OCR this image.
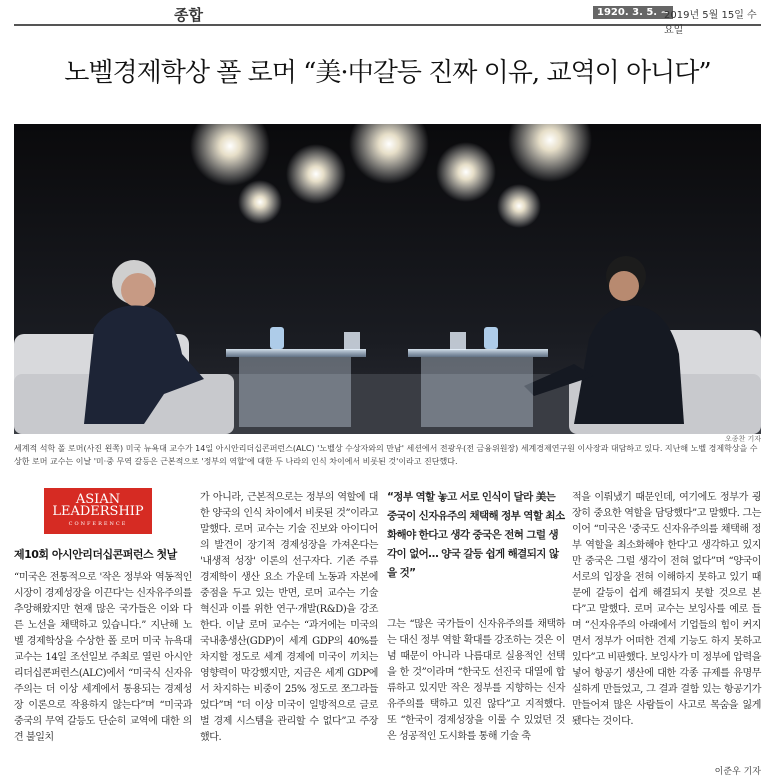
종합	1920. 3. 5. ~
2019년 5월 15일 수요일
노벨경제학상 폴 로머 “美·中갈등 진짜 이유, 교역이 아니다”
오종찬 기자
세계적 석학 폴 로머(사진 왼쪽) 미국 뉴욕대 교수가 14일 아시안리더십콘퍼런스(ALC) '노벨상 수상자와의 만남' 세션에서 전광우(전 금융위원장) 세계경제연구원 이사장과 대담하고 있다. 지난해 노벨 경제학상을 수상한 로머 교수는 이날 '미·중 무역 갈등은 근본적으로 '정부의 역할'에 대한 두 나라의 인식 차이에서 비롯된 것'이라고 진단했다.
ASIAN
LEADERSHIP
CONFERENCE
제10회 아시안리더십콘퍼런스 첫날

“미국은 전통적으로 '작은 정부와 역동적인 시장이 경제성장을 이끈다'는 신자유주의를 추앙해왔지만 현재 많은 국가들은 이와 다른 노선을 채택하고 있습니다.” 지난해 노벨 경제학상을 수상한 폴 로머 미국 뉴욕대 교수는 14일 조선일보 주최로 열린 아시안리더십콘퍼런스(ALC)에서 “미국식 신자유주의는 더 이상 세계에서 통용되는 경제성장 이론으로 작용하지 않는다”며 “미국과 중국의 무역 갈등도 단순히 교역에 대한 의견 불일치

가 아니라, 근본적으로는 정부의 역할에 대한 양국의 인식 차이에서 비롯된 것”이라고 말했다. 로머 교수는 기술 진보와 아이디어의 발견이 장기적 경제성장을 가져온다는 '내생적 성장' 이론의 선구자다. 기존 주류 경제학이 생산 요소 가운데 노동과 자본에 중점을 두고 있는 반면, 로머 교수는 기술 혁신과 이를 위한 연구·개발(R&D)을 강조한다. 이날 로머 교수는 “과거에는 미국의 국내총생산(GDP)이 세계 GDP의 40%를 차지할 정도로 세계 경제에 미국이 끼치는 영향력이 막강했지만, 지금은 세계 GDP에서 차지하는 비중이 25% 정도로 쪼그라들었다”며 “더 이상 미국이 일방적으로 글로벌 경제 시스템을 관리할 수 없다”고 주장했다.

“정부 역할 놓고 서로 인식이 달라 美는 중국이 신자유주의 채택해 정부 역할 최소화해야 한다고 생각 중국은 전혀 그럴 생각이 없어… 양국 갈등 쉽게 해결되지 않을 것”

그는 “많은 국가들이 신자유주의를 채택하는 대신 정부 역할 확대를 강조하는 것은 이념 때문이 아니라 나름대로 실용적인 선택을 한 것”이라며 “한국도 선진국 대열에 합류하고 있지만 작은 정부를 지향하는 신자유주의를 택하고 있진 않다”고 지적했다. 또 “한국이 경제성장을 이룰 수 있었던 것은 성공적인 도시화를 통해 기술 축

적을 이뤄냈기 때문인데, 여기에도 정부가 굉장히 중요한 역할을 담당했다”고 말했다. 그는 이어 “미국은 '중국도 신자유주의를 채택해 정부 역할을 최소화해야 한다'고 생각하고 있지만 중국은 그럴 생각이 전혀 없다”며 “양국이 서로의 입장을 전혀 이해하지 못하고 있기 때문에 갈등이 쉽게 해결되지 못할 것으로 본다”고 말했다. 로머 교수는 보잉사를 예로 들며 “신자유주의 아래에서 기업들의 힘이 커지면서 정부가 어떠한 견제 기능도 하지 못하고 있다”고 비판했다. 보잉사가 미 정부에 압력을 넣어 항공기 생산에 대한 각종 규제를 유명무실하게 만들었고, 그 결과 결함 있는 항공기가 만들어져 많은 사람들이 사고로 목숨을 잃게 됐다는 것이다.

이준우 기자
